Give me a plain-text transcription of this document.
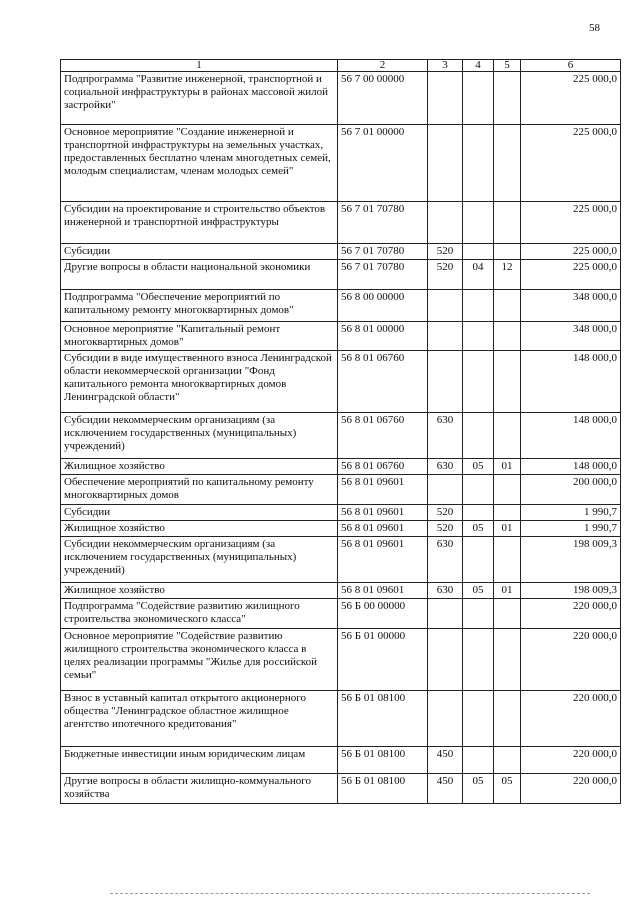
58
1	2	3	4	5	6
Подпрограмма "Развитие инженерной, транспортной и социальной инфраструктуры в районах массовой жилой застройки"	56 7 00 00000				225 000,0
Основное мероприятие "Создание инженерной и транспортной инфраструктуры на земельных участках, предоставленных бесплатно членам многодетных семей, молодым специалистам, членам молодых семей"	56 7 01 00000				225 000,0
Субсидии на проектирование и строительство объектов инженерной и транспортной инфраструктуры	56 7 01 70780				225 000,0
Субсидии	56 7 01 70780	520			225 000,0
Другие вопросы в области национальной экономики	56 7 01 70780	520	04	12	225 000,0
Подпрограмма "Обеспечение мероприятий по капитальному ремонту многоквартирных домов"	56 8 00 00000				348 000,0
Основное мероприятие "Капитальный ремонт многоквартирных домов"	56 8 01 00000				348 000,0
Субсидии в виде имущественного взноса Ленинградской области некоммерческой организации "Фонд капитального ремонта многоквартирных домов Ленинградской области"	56 8 01 06760				148 000,0
Субсидии некоммерческим организациям (за исключением государственных (муниципальных) учреждений)	56 8 01 06760	630			148 000,0
Жилищное хозяйство	56 8 01 06760	630	05	01	148 000,0
Обеспечение мероприятий по капитальному ремонту многоквартирных домов	56 8 01 09601				200 000,0
Субсидии	56 8 01 09601	520			1 990,7
Жилищное хозяйство	56 8 01 09601	520	05	01	1 990,7
Субсидии некоммерческим организациям (за исключением государственных (муниципальных) учреждений)	56 8 01 09601	630			198 009,3
Жилищное хозяйство	56 8 01 09601	630	05	01	198 009,3
Подпрограмма "Содействие развитию жилищного строительства экономического класса"	56 Б 00 00000				220 000,0
Основное мероприятие "Содействие развитию жилищного строительства экономического класса в целях реализации программы "Жилье для российской семьи"	56 Б 01 00000				220 000,0
Взнос в уставный капитал открытого акционерного общества "Ленинградское областное жилищное агентство ипотечного кредитования"	56 Б 01 08100				220 000,0
Бюджетные инвестиции иным юридическим лицам	56 Б 01 08100	450			220 000,0
Другие вопросы в области жилищно-коммунального хозяйства	56 Б 01 08100	450	05	05	220 000,0
